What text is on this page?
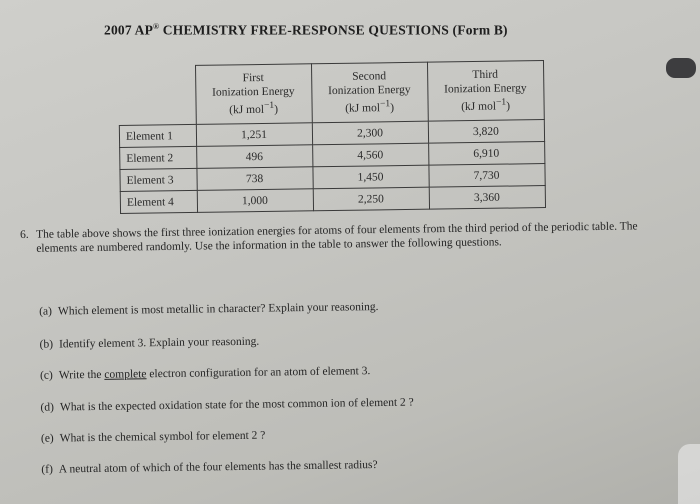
2007 AP® CHEMISTRY FREE-RESPONSE QUESTIONS (Form B)

	First
Ionization Energy
(kJ mol$^{-1}$)	Second
Ionization Energy
(kJ mol$^{-1}$)	Third
Ionization Energy
(kJ mol$^{-1}$)

Element 1	1,251	2,300	3,820
Element 2	496	4,560	6,910
Element 3	738	1,450	7,730
Element 4	1,000	2,250	3,360
6. The table above shows the first three ionization energies for atoms of four elements from the third period of the periodic table. The elements are numbered randomly. Use the information in the table to answer the following questions.
(a) Which element is most metallic in character? Explain your reasoning.
(b) Identify element 3. Explain your reasoning.
(c) Write the complete electron configuration for an atom of element 3.
(d) What is the expected oxidation state for the most common ion of element 2 ?
(e) What is the chemical symbol for element 2 ?
(f) A neutral atom of which of the four elements has the smallest radius?
